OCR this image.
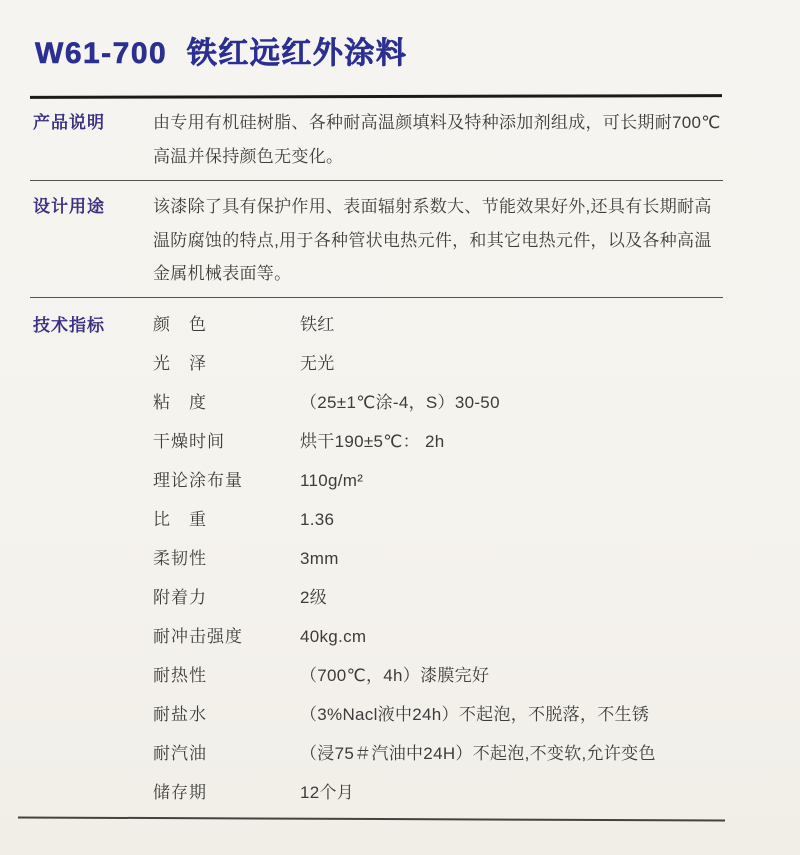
W61-700  铁红远红外涂料
产品说明	由专用有机硅树脂、各种耐高温颜填料及特种添加剂组成，可长期耐700℃高温并保持颜色无变化。
设计用途	该漆除了具有保护作用、表面辐射系数大、节能效果好外,还具有长期耐高温防腐蚀的特点,用于各种管状电热元件，和其它电热元件，以及各种高温金属机械表面等。
技术指标	颜　色	铁红
光　泽	无光
粘　度	（25±1℃涂-4，S）30-50
干燥时间	烘干190±5℃： 2h
理论涂布量	110g/m²
比　重	1.36
柔韧性	3mm
附着力	2级
耐冲击强度	40kg.cm
耐热性	（700℃，4h）漆膜完好
耐盐水	（3%Nacl液中24h）不起泡，不脱落，不生锈
耐汽油	（浸75＃汽油中24H）不起泡,不变软,允许变色
储存期	12个月
